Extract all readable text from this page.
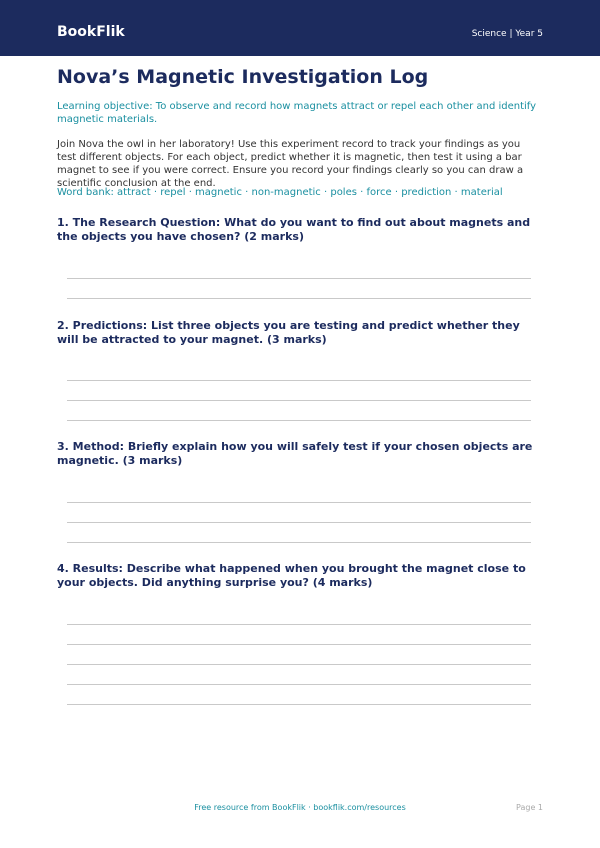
BookFlik	Science | Year 5
Nova’s Magnetic Investigation Log

Learning objective: To observe and record how magnets attract or repel each other and identify magnetic materials.

Join Nova the owl in her laboratory! Use this experiment record to track your findings as you test different objects. For each object, predict whether it is magnetic, then test it using a bar magnet to see if you were correct. Ensure you record your findings clearly so you can draw a scientific conclusion at the end.

Word bank: attract · repel · magnetic · non-magnetic · poles · force · prediction · material

1. The Research Question: What do you want to find out about magnets and the objects you have chosen? (2 marks)

2. Predictions: List three objects you are testing and predict whether they will be attracted to your magnet. (3 marks)

3. Method: Briefly explain how you will safely test if your chosen objects are magnetic. (3 marks)

4. Results: Describe what happened when you brought the magnet close to your objects. Did anything surprise you? (4 marks)

Free resource from BookFlik · bookflik.com/resources	Page 1
